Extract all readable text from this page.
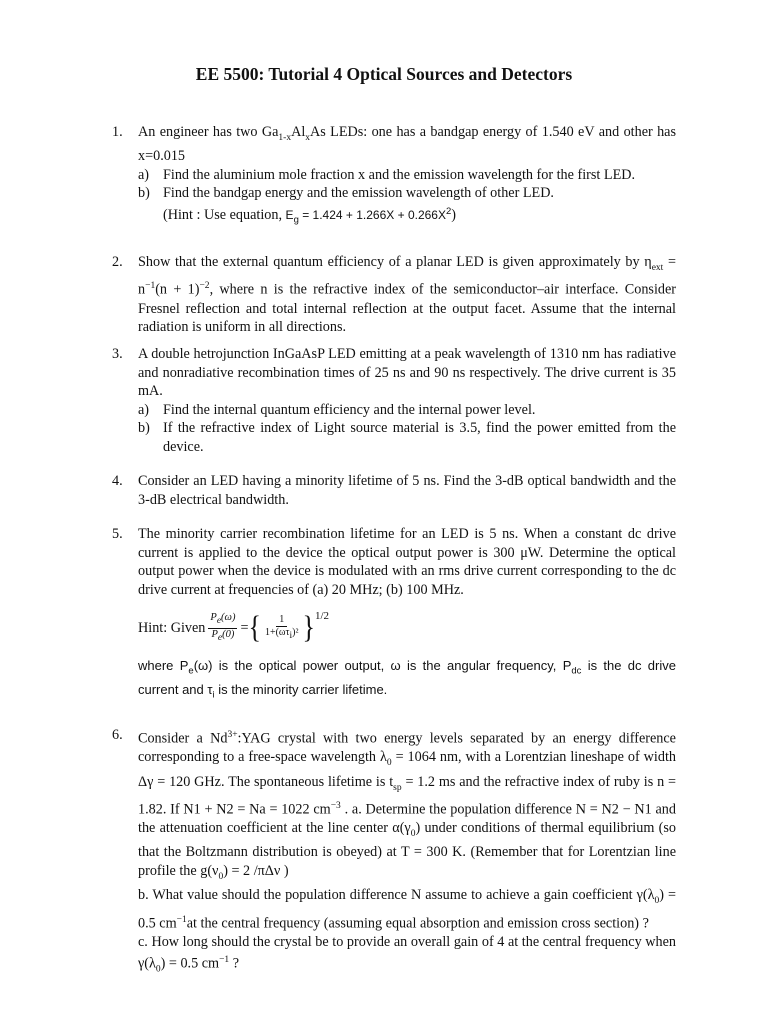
EE 5500: Tutorial 4 Optical Sources and Detectors
1. An engineer has two $Ga_{1-x}Al_xAs$ LEDs: one has a bandgap energy of 1.540 eV and other has x=0.015

a) Find the aluminium mole fraction x and the emission wavelength for the first LED.
b) Find the bandgap energy and the emission wavelength of other LED.
(Hint : Use equation, $E_g = 1.424 + 1.266X + 0.266X^2$)
2. Show that the external quantum efficiency of a planar LED is given approximately by $\eta_{ext} = n^{-1}(n + 1)^{-2}$, where n is the refractive index of the semiconductor–air interface. Consider Fresnel reflection and total internal reflection at the output facet. Assume that the internal radiation is uniform in all directions.

3. A double hetrojunction InGaAsP LED emitting at a peak wavelength of 1310 nm has radiative and nonradiative recombination times of 25 ns and 90 ns respectively. The drive current is 35 mA.

a) Find the internal quantum efficiency and the internal power level.
b) If the refractive index of Light source material is 3.5, find the power emitted from the device.
4. Consider an LED having a minority lifetime of 5 ns. Find the 3-dB optical bandwidth and the 3-dB electrical bandwidth.

5. The minority carrier recombination lifetime for an LED is 5 ns. When a constant dc drive current is applied to the device the optical output power is 300 μW. Determine the optical output power when the device is modulated with an rms drive current corresponding to the dc drive current at frequencies of (a) 20 MHz; (b) 100 MHz.

Hint: Given $\frac{P_e(\omega)}{P_e(0)}$ = { $\frac{1}{1+(\omega\tau_i)^2}$ } 1/2

where $P_e(\omega)$ is the optical power output, ω is the angular frequency, $P_{dc}$ is the dc drive current and $\tau_i$ is the minority carrier lifetime.

6. Consider a $Nd^{3+}:YAG$ crystal with two energy levels separated by an energy difference corresponding to a free-space wavelength $\lambda_0 = 1064$ nm, with a Lorentzian lineshape of width Δγ = 120 GHz. The spontaneous lifetime is $t_{sp} = 1.2$ ms and the refractive index of ruby is n = 1.82. If N1 + N2 = Na = 1022 $cm^{-3}$ . a. Determine the population difference N = N2 − N1 and the attenuation coefficient at the line center $\alpha(\gamma_0)$ under conditions of thermal equilibrium (so that the Boltzmann distribution is obeyed) at T = 300 K. (Remember that for Lorentzian line profile the $g(\nu_0) = 2$ /πΔν )

b. What value should the population difference N assume to achieve a gain coefficient $\gamma(\lambda_0) = 0.5$ $cm^{-1}at$ the central frequency (assuming equal absorption and emission cross section) ?

c. How long should the crystal be to provide an overall gain of 4 at the central frequency when $\gamma(\lambda_0) = 0.5$ $cm^{-1}$ ?
